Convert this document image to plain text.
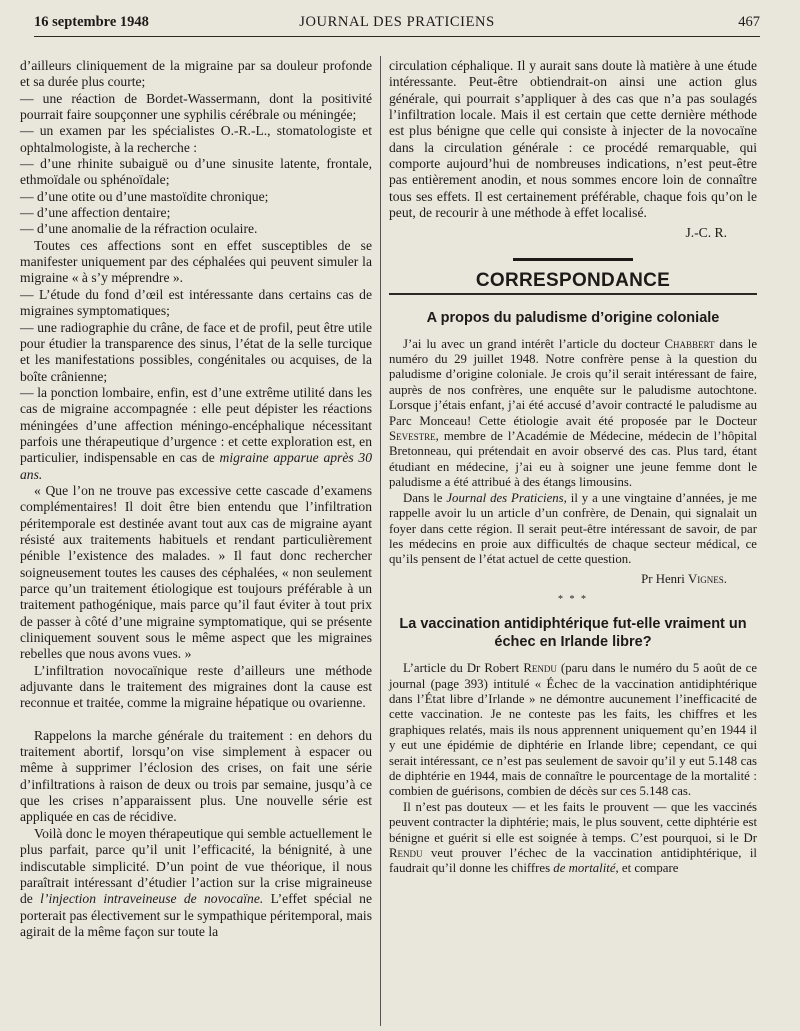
16 septembre 1948	JOURNAL DES PRATICIENS	467

d’ailleurs cliniquement de la migraine par sa douleur profonde et sa durée plus courte;

— une réaction de Bordet-Wassermann, dont la positivité pourrait faire soupçonner une syphilis cérébrale ou méningée;

— un examen par les spécialistes O.-R.-L., stomatologiste et ophtalmologiste, à la recherche :

— d’une rhinite subaiguë ou d’une sinusite latente, frontale, ethmoïdale ou sphénoïdale;

— d’une otite ou d’une mastoïdite chronique;

— d’une affection dentaire;

— d’une anomalie de la réfraction oculaire.

Toutes ces affections sont en effet susceptibles de se manifester uniquement par des céphalées qui peuvent simuler la migraine « à s’y méprendre ».

— L’étude du fond d’œil est intéressante dans certains cas de migraines symptomatiques;

— une radiographie du crâne, de face et de profil, peut être utile pour étudier la transparence des sinus, l’état de la selle turcique et les manifestations possibles, congénitales ou acquises, de la boîte crânienne;

— la ponction lombaire, enfin, est d’une extrême utilité dans les cas de migraine accompagnée : elle peut dépister les réactions méningées d’une affection méningo-encéphalique nécessitant parfois une thérapeutique d’urgence : et cette exploration est, en particulier, indispensable en cas de migraine apparue après 30 ans.

« Que l’on ne trouve pas excessive cette cascade d’examens complémentaires! Il doit être bien entendu que l’infiltration péritemporale est destinée avant tout aux cas de migraine ayant résisté aux traitements habituels et rendant particulièrement pénible l’existence des malades. » Il faut donc rechercher soigneusement toutes les causes des céphalées, « non seulement parce qu’un traitement étiologique est toujours préférable à un traitement pathogénique, mais parce qu’il faut éviter à tout prix de passer à côté d’une migraine symptomatique, qui se présente cliniquement souvent sous le même aspect que les migraines rebelles que nous avons vues. »

L’infiltration novocaïnique reste d’ailleurs une méthode adjuvante dans le traitement des migraines dont la cause est reconnue et traitée, comme la migraine hépatique ou ovarienne.

Rappelons la marche générale du traitement : en dehors du traitement abortif, lorsqu’on vise simplement à espacer ou même à supprimer l’éclosion des crises, on fait une série d’infiltrations à raison de deux ou trois par semaine, jusqu’à ce que les crises n’apparaissent plus. Une nouvelle série est appliquée en cas de récidive.

Voilà donc le moyen thérapeutique qui semble actuellement le plus parfait, parce qu’il unit l’efficacité, la bénignité, à une indiscutable simplicité. D’un point de vue théorique, il nous paraîtrait intéressant d’étudier l’action sur la crise migraineuse de l’injection intraveineuse de novocaïne. L’effet spécial ne porterait pas électivement sur le sympathique péritemporal, mais agirait de la même façon sur toute la

circulation céphalique. Il y aurait sans doute là matière à une étude intéressante. Peut-être obtiendrait-on ainsi une action glus générale, qui pourrait s’appliquer à des cas que n’a pas soulagés l’infiltration locale. Mais il est certain que cette dernière méthode est plus bénigne que celle qui consiste à injecter de la novocaïne dans la circulation générale : ce procédé remarquable, qui comporte aujourd’hui de nombreuses indications, n’est peut-être pas entièrement anodin, et nous sommes encore loin de connaître tous ses effets. Il est certainement préférable, chaque fois qu’on le peut, de recourir à une méthode à effet localisé.

J.-C. R.
CORRESPONDANCE
A propos du paludisme d’origine coloniale

J’ai lu avec un grand intérêt l’article du docteur Chabbert dans le numéro du 29 juillet 1948. Notre confrère pense à la question du paludisme d’origine coloniale. Je crois qu’il serait intéressant de faire, auprès de nos confrères, une enquête sur le paludisme autochtone. Lorsque j’étais enfant, j’ai été accusé d’avoir contracté le paludisme au Parc Monceau! Cette étiologie avait été proposée par le Docteur Sevestre, membre de l’Académie de Médecine, médecin de l’hôpital Bretonneau, qui prétendait en avoir observé des cas. Plus tard, étant étudiant en médecine, j’ai eu à soigner une jeune femme dont le paludisme a été attribué à des étangs limousins.

Dans le Journal des Praticiens, il y a une vingtaine d’années, je me rappelle avoir lu un article d’un confrère, de Denain, qui signalait un foyer dans cette région. Il serait peut-être intéressant de savoir, de par les médecins en proie aux difficultés de chaque secteur médical, ce qu’ils pensent de l’état actuel de cette question.

Pr Henri Vignes.
* * *
La vaccination antidiphtérique fut-elle vraiment un échec en Irlande libre?

L’article du Dr Robert Rendu (paru dans le numéro du 5 août de ce journal (page 393) intitulé « Échec de la vaccination antidiphtérique dans l’État libre d’Irlande » ne démontre aucunement l’inefficacité de cette vaccination. Je ne conteste pas les faits, les chiffres et les graphiques relatés, mais ils nous apprennent uniquement qu’en 1944 il y eut une épidémie de diphtérie en Irlande libre; cependant, ce qui serait intéressant, ce n’est pas seulement de savoir qu’il y eut 5.148 cas de diphtérie en 1944, mais de connaître le pourcentage de la mortalité : combien de guérisons, combien de décès sur ces 5.148 cas.

Il n’est pas douteux — et les faits le prouvent — que les vaccinés peuvent contracter la diphtérie; mais, le plus souvent, cette diphtérie est bénigne et guérit si elle est soignée à temps. C’est pourquoi, si le Dr Rendu veut prouver l’échec de la vaccination antidiphtérique, il faudrait qu’il donne les chiffres de mortalité, et compare
